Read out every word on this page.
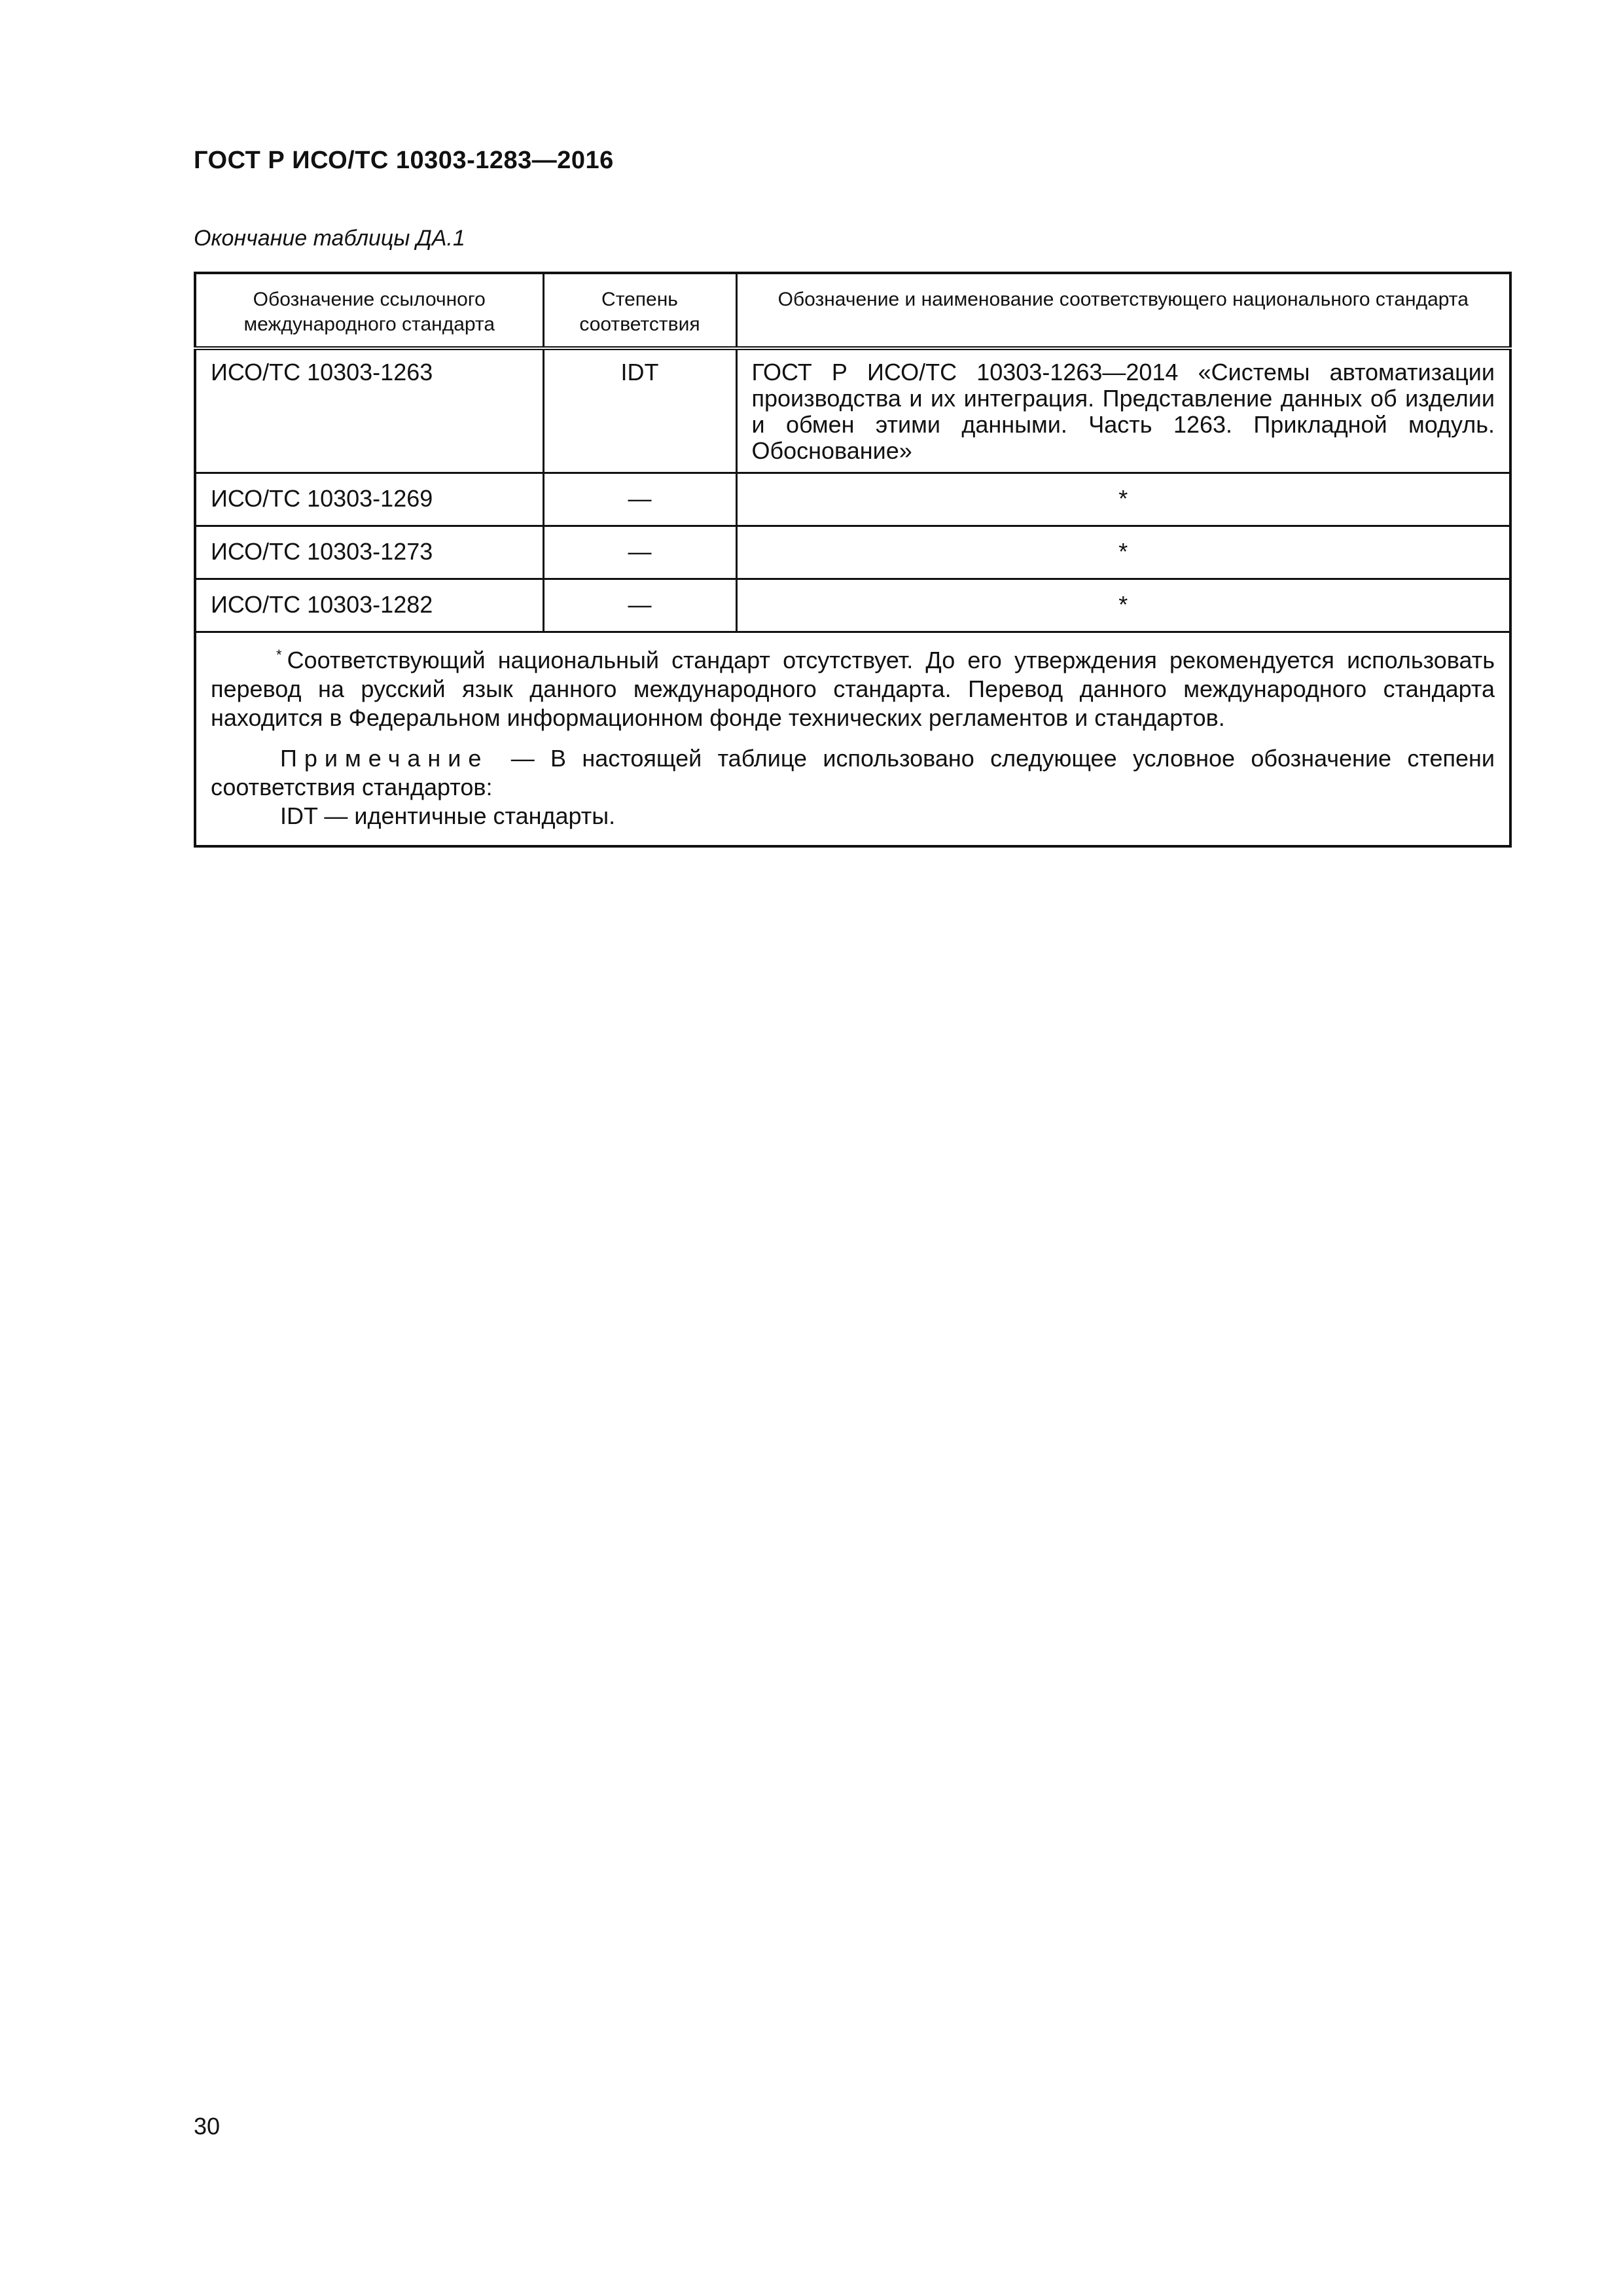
ГОСТ Р ИСО/ТС 10303-1283—2016
Окончание таблицы ДА.1
Обозначение ссылочного международного стандарта	Степень соответствия	Обозначение и наименование соответствующего национального стандарта
ИСО/ТС 10303-1263	IDT	ГОСТ Р ИСО/ТС 10303-1263—2014 «Системы автоматизации производства и их интеграция. Представление данных об изделии и обмен этими данными. Часть 1263. Прикладной модуль. Обоснование»
ИСО/ТС 10303-1269	—	*
ИСО/ТС 10303-1273	—	*
ИСО/ТС 10303-1282	—	*

* Соответствующий национальный стандарт отсутствует. До его утверждения рекомендуется использовать перевод на русский язык данного международного стандарта. Перевод данного международного стандарта находится в Федеральном информационном фонде технических регламентов и стандартов.

Примечание — В настоящей таблице использовано следующее условное обозначение степени соответствия стандартов:

IDT — идентичные стандарты.		

30
